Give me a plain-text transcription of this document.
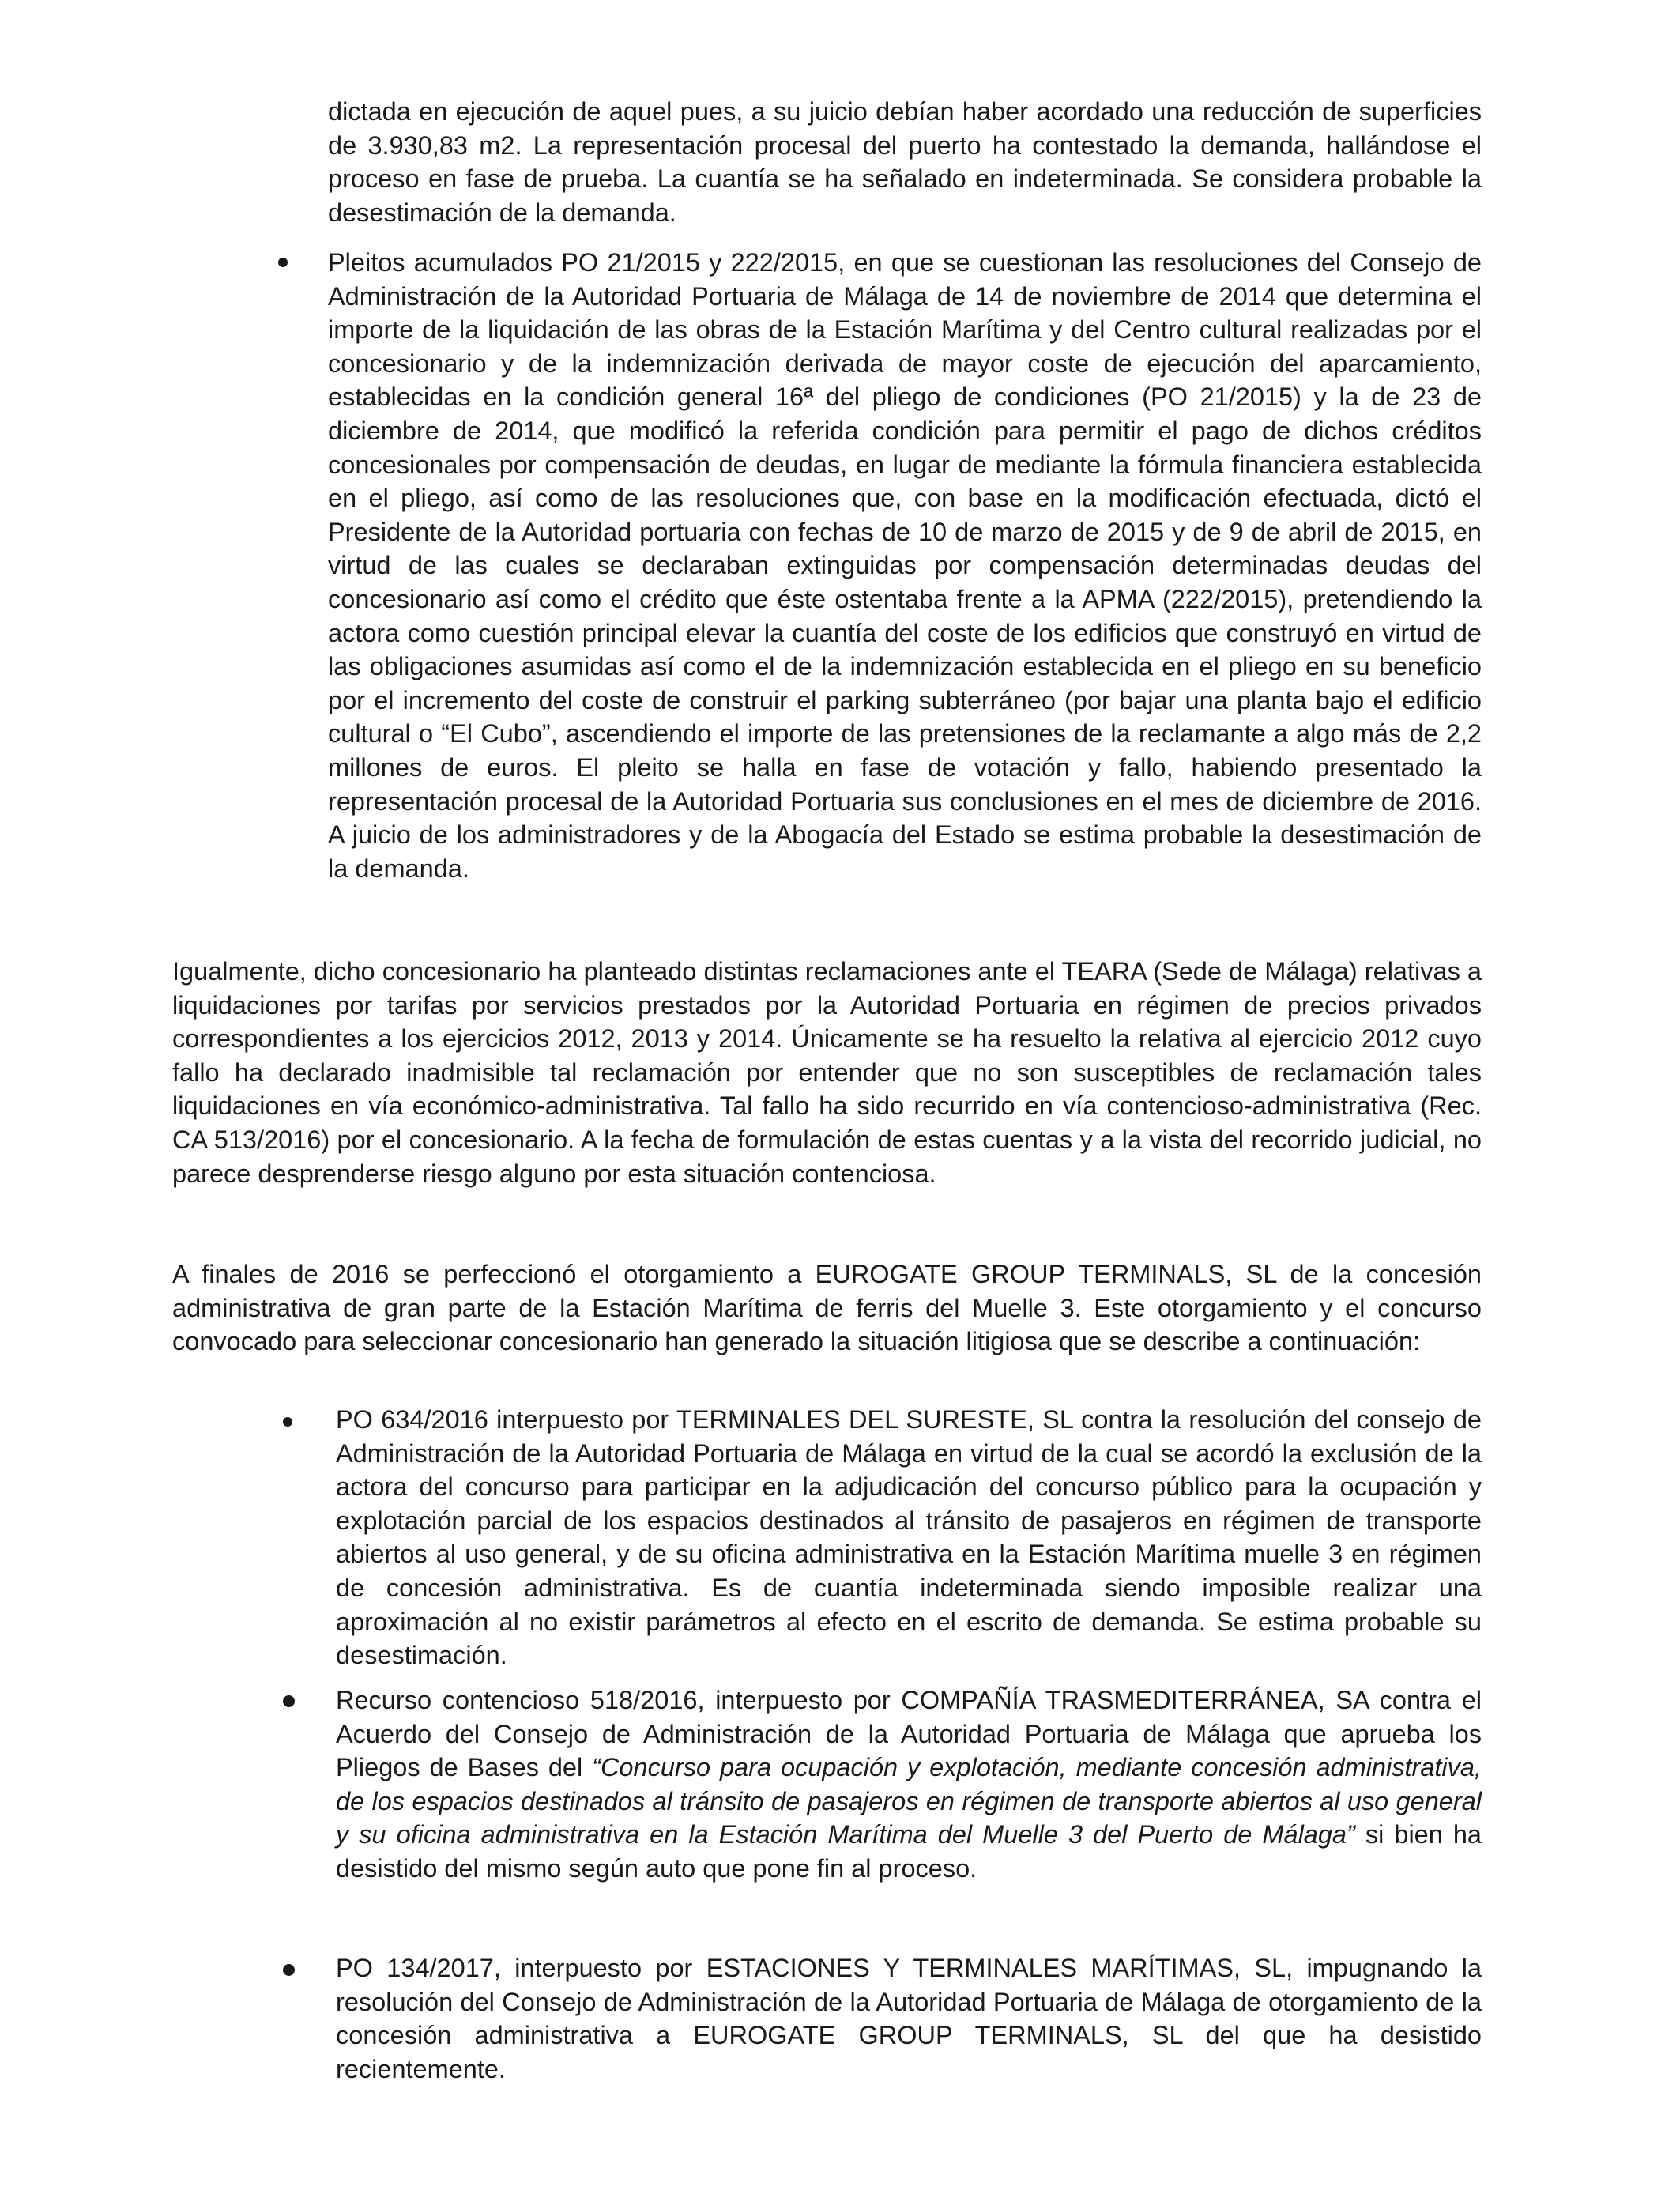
dictada en ejecución de aquel pues, a su juicio debían haber acordado una reducción de superficies de 3.930,83 m2. La representación procesal del puerto ha contestado la demanda, hallándose el proceso en fase de prueba. La cuantía se ha señalado en indeterminada. Se considera probable la desestimación de la demanda.
Pleitos acumulados PO 21/2015 y 222/2015, en que se cuestionan las resoluciones del Consejo de Administración de la Autoridad Portuaria de Málaga de 14 de noviembre de 2014 que determina el importe de la liquidación de las obras de la Estación Marítima y del Centro cultural realizadas por el concesionario y de la indemnización derivada de mayor coste de ejecución del aparcamiento, establecidas en la condición general 16ª del pliego de condiciones (PO 21/2015) y la de 23 de diciembre de 2014, que modificó la referida condición para permitir el pago de dichos créditos concesionales por compensación de deudas, en lugar de mediante la fórmula financiera establecida en el pliego, así como de las resoluciones que, con base en la modificación efectuada, dictó el Presidente de la Autoridad portuaria con fechas de 10 de marzo de 2015 y de 9 de abril de 2015, en virtud de las cuales se declaraban extinguidas por compensación determinadas deudas del concesionario así como el crédito que éste ostentaba frente a la APMA (222/2015), pretendiendo la actora como cuestión principal elevar la cuantía del coste de los edificios que construyó en virtud de las obligaciones asumidas así como el de la indemnización establecida en el pliego en su beneficio por el incremento del coste de construir el parking subterráneo (por bajar una planta bajo el edificio cultural o “El Cubo”, ascendiendo el importe de las pretensiones de la reclamante a algo más de 2,2 millones de euros. El pleito se halla en fase de votación y fallo, habiendo presentado la representación procesal de la Autoridad Portuaria sus conclusiones en el mes de diciembre de 2016. A juicio de los administradores y de la Abogacía del Estado se estima probable la desestimación de la demanda.
Igualmente, dicho concesionario ha planteado distintas reclamaciones ante el TEARA (Sede de Málaga) relativas a liquidaciones por tarifas por servicios prestados por la Autoridad Portuaria en régimen de precios privados correspondientes a los ejercicios 2012, 2013 y 2014. Únicamente se ha resuelto la relativa al ejercicio 2012 cuyo fallo ha declarado inadmisible tal reclamación por entender que no son susceptibles de reclamación tales liquidaciones en vía económico-administrativa. Tal fallo ha sido recurrido en vía contencioso-administrativa (Rec. CA 513/2016) por el concesionario. A la fecha de formulación de estas cuentas y a la vista del recorrido judicial, no parece desprenderse riesgo alguno por esta situación contenciosa.
A finales de 2016 se perfeccionó el otorgamiento a EUROGATE GROUP TERMINALS, SL de la concesión administrativa de gran parte de la Estación Marítima de ferris del Muelle 3. Este otorgamiento y el concurso convocado para seleccionar concesionario han generado la situación litigiosa que se describe a continuación:
PO 634/2016 interpuesto por TERMINALES DEL SURESTE, SL contra la resolución del consejo de Administración de la Autoridad Portuaria de Málaga en virtud de la cual se acordó la exclusión de la actora del concurso para participar en la adjudicación del concurso público para la ocupación y explotación parcial de los espacios destinados al tránsito de pasajeros en régimen de transporte abiertos al uso general, y de su oficina administrativa en la Estación Marítima muelle 3 en régimen de concesión administrativa. Es de cuantía indeterminada siendo imposible realizar una aproximación al no existir parámetros al efecto en el escrito de demanda. Se estima probable su desestimación.
Recurso contencioso 518/2016, interpuesto por COMPAÑÍA TRASMEDITERRÁNEA, SA contra el Acuerdo del Consejo de Administración de la Autoridad Portuaria de Málaga que aprueba los Pliegos de Bases del “Concurso para ocupación y explotación, mediante concesión administrativa, de los espacios destinados al tránsito de pasajeros en régimen de transporte abiertos al uso general y su oficina administrativa en la Estación Marítima del Muelle 3 del Puerto de Málaga” si bien ha desistido del mismo según auto que pone fin al proceso.
PO 134/2017, interpuesto por ESTACIONES Y TERMINALES MARÍTIMAS, SL, impugnando la resolución del Consejo de Administración de la Autoridad Portuaria de Málaga de otorgamiento de la concesión administrativa a EUROGATE GROUP TERMINALS, SL del que ha desistido recientemente.
